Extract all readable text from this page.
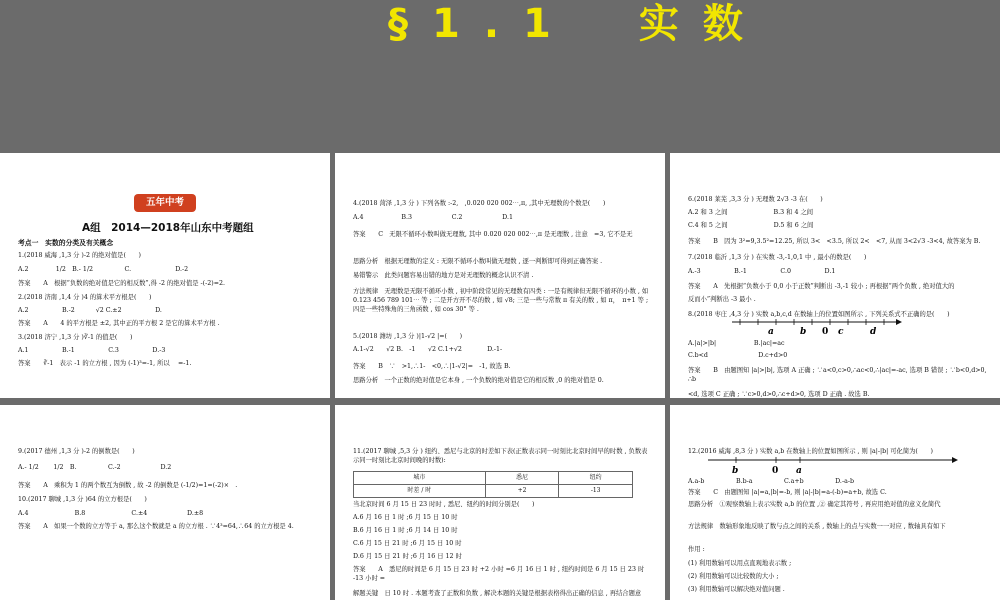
§1.1　实数
五年中考
A组　2014—2018年山东中考题组
考点一　实数的分类及有关概念
1.(2018 威海 ,1,3 分 )-2 的绝对值是(　　)
A.2　　　　 1/2　B.- 1/2　　　　　C.　　　　　　　D.-2
答案　　A　根据“负数的绝对值是它的相反数”,得 -2 的绝对值是 -(-2)=2.
2.(2018 济南 ,1,4 分 )4 的算术平方根是(　　)
A.2　　　　　 B.-2　　　 √2 C.±2　　　　　 D.
答案　　A　　4 的平方根是 ±2, 其中正的平方根 2 是它的算术平方根 .
3.(2018 济宁 ,1,3 分 )∛-1 的值是(　　)
A.1　　　　　 B.-1　　　　　 C.3　　　　　 D.-3
答案　　∛-1　表示 -1 的立方根 , 因为 (-1)³=-1, 所以 　=-1.
4.(2018 菏泽 ,1,3 分 ) 下列各数 :-2,　,0.020 020 002⋯,π, ,其中无理数的个数是(　　)
A.4　　　　　　B.3　　　　　　 C.2　　　　　　 D.1
答案　　C　无限不循环小数叫做无理数, 其中 0.020 020 002⋯,π 是无理数 , 注意　=3, 它不是无
思路分析　根据无理数的定义 : 无限不循环小数叫做无理数 , 逐一判断即可得到正确答案 .
易错警示　此类问题容易出错的地方是对无理数的概念认识不清 .
方法规律　无理数是无限不循环小数 , 初中阶段常见的无理数有四类 : 一是有规律但无限不循环的小数 , 如 0.123 456 789 101⋯ 等 ; 二是开方开不尽的数 , 如 √8; 三是一些与常数 π 有关的数 , 如 π，　π+1 等 ; 四是一些特殊角的三角函数 , 如 cos 30° 等 .
5.(2018 潍坊 ,1,3 分 )|1-√2 |=(　　)
A.1-√2　　√2 B.　-1　　√2 C.1+√2　　　　D.-1-
答案　　B　∵　>1,∴1-　<0,∴|1-√2|=　-1, 故选 B.
思路分析　一个正数的绝对值是它本身 , 一个负数的绝对值是它的相反数 ,0 的绝对值是 0.
6.(2018 莱芜 ,3,3 分 ) 无理数 2√3 -3 在(　　)
A.2 和 3 之间　　　　　　　 B.3 和 4 之间
C.4 和 5 之间　　　　　　　 D.5 和 6 之间
答案　　B　因为 3²=9,3.5²=12.25, 所以 3<　<3.5, 所以 2<　<7, 从而 3<2√3 -3<4, 故答案为 B.
7.(2018 临沂 ,1,3 分 ) 在实数 -3,-1,0,1 中 , 最小的数是(　　)
A.-3　　　　　 B.-1　　　　　 C.0　　　　　 D.1
答案　　A　先根据“负数小于 0,0 小于正数”判断出 -3,-1 较小 ; 再根据“两个负数 , 绝对值大的
反而小”判断出 -3 最小 .
8.(2018 枣庄 ,4,3 分 ) 实数 a,b,c,d 在数轴上的位置如图所示 , 下列关系式不正确的是(　　)
a	b 0 c	d
A.|a|>|b|　　　　　　B.|ac|=ac
C.b<d　　　　　　　　D.c+d>0
答案　　B　由题图知 |a|>|b|, 选项 A 正确 ; ∵a<0,c>0,∴ac<0,∴|ac|=-ac, 选项 B 错误 ; ∵b<0,d>0, ∴b
<d, 选项 C 正确 ; ∵c>0,d>0,∴c+d>0, 选项 D 正确 . 故选 B.
9.(2017 德州 ,1,3 分 )-2 的倒数是(　　)
A.- 1/2　　 1/2　B.　　　　　C.-2　　　　　　 D.2
答案　　A　乘积为 1 的两个数互为倒数 , 故 -2 的倒数是 (-1/2)=1=(-2)×　.
10.(2017 聊城 ,1,3 分 )64 的立方根是(　　)
A.4　　　　　　　 B.8　　　　　　　 C.±4　　　　　　 D.±8
答案　　A　如果一个数的立方等于 a, 那么这个数就是 a 的立方根 . ∵4³=64,∴64 的立方根是 4.
11.(2017 聊城 ,5,3 分 ) 纽约、悉尼与北京的时差如下表(正数表示同一时刻比北京时间早的时数 , 负数表示同一时刻比北京时间晚的时数):
城市	悉尼	纽约
时差 / 时	+2	-13
当北京时间 6 月 15 日 23 时时 , 悉尼、纽约的时间分别是(　　)
A.6 月 16 日 1 时 ;6 月 15 日 10 时
B.6 月 16 日 1 时 ;6 月 14 日 10 时
C.6 月 15 日 21 时 ;6 月 15 日 10 时
D.6 月 15 日 21 时 ;6 月 16 日 12 时
答案　　A　悉尼的时间是 6 月 15 日 23 时 +2 小时 =6 月 16 日 1 时 , 纽约时间是 6 月 15 日 23 时 -13 小时 =
解题关键　日 10 时 . 本题考查了正数和负数 , 解决本题的关键是根据表格得出正确的信息 , 再结合题意
12.(2016 威海 ,8,3 分 ) 实数 a,b 在数轴上的位置如图所示 , 则 |a|-|b| 可化简为(　　)
b	0 a
A.a-b　　　　　B.b-a　　　　　C.a+b　　　　　D.-a-b
答案　　C　由题图知 |a|=a,|b|=-b, 则 |a|-|b|=a-(-b)=a+b, 故选 C.
思路分析　①观察数轴上表示实数 a,b 的位置 ,② 确定其符号 , 再应用绝对值的意义化简代
方法规律　数轴形象地反映了数与点之间的关系 , 数轴上的点与实数一一对应 , 数轴具有如下
作用 :
(1) 利用数轴可以用点直观地表示数 ;
(2) 利用数轴可以比较数的大小 ;
(3) 利用数轴可以解决绝对值问题 .
